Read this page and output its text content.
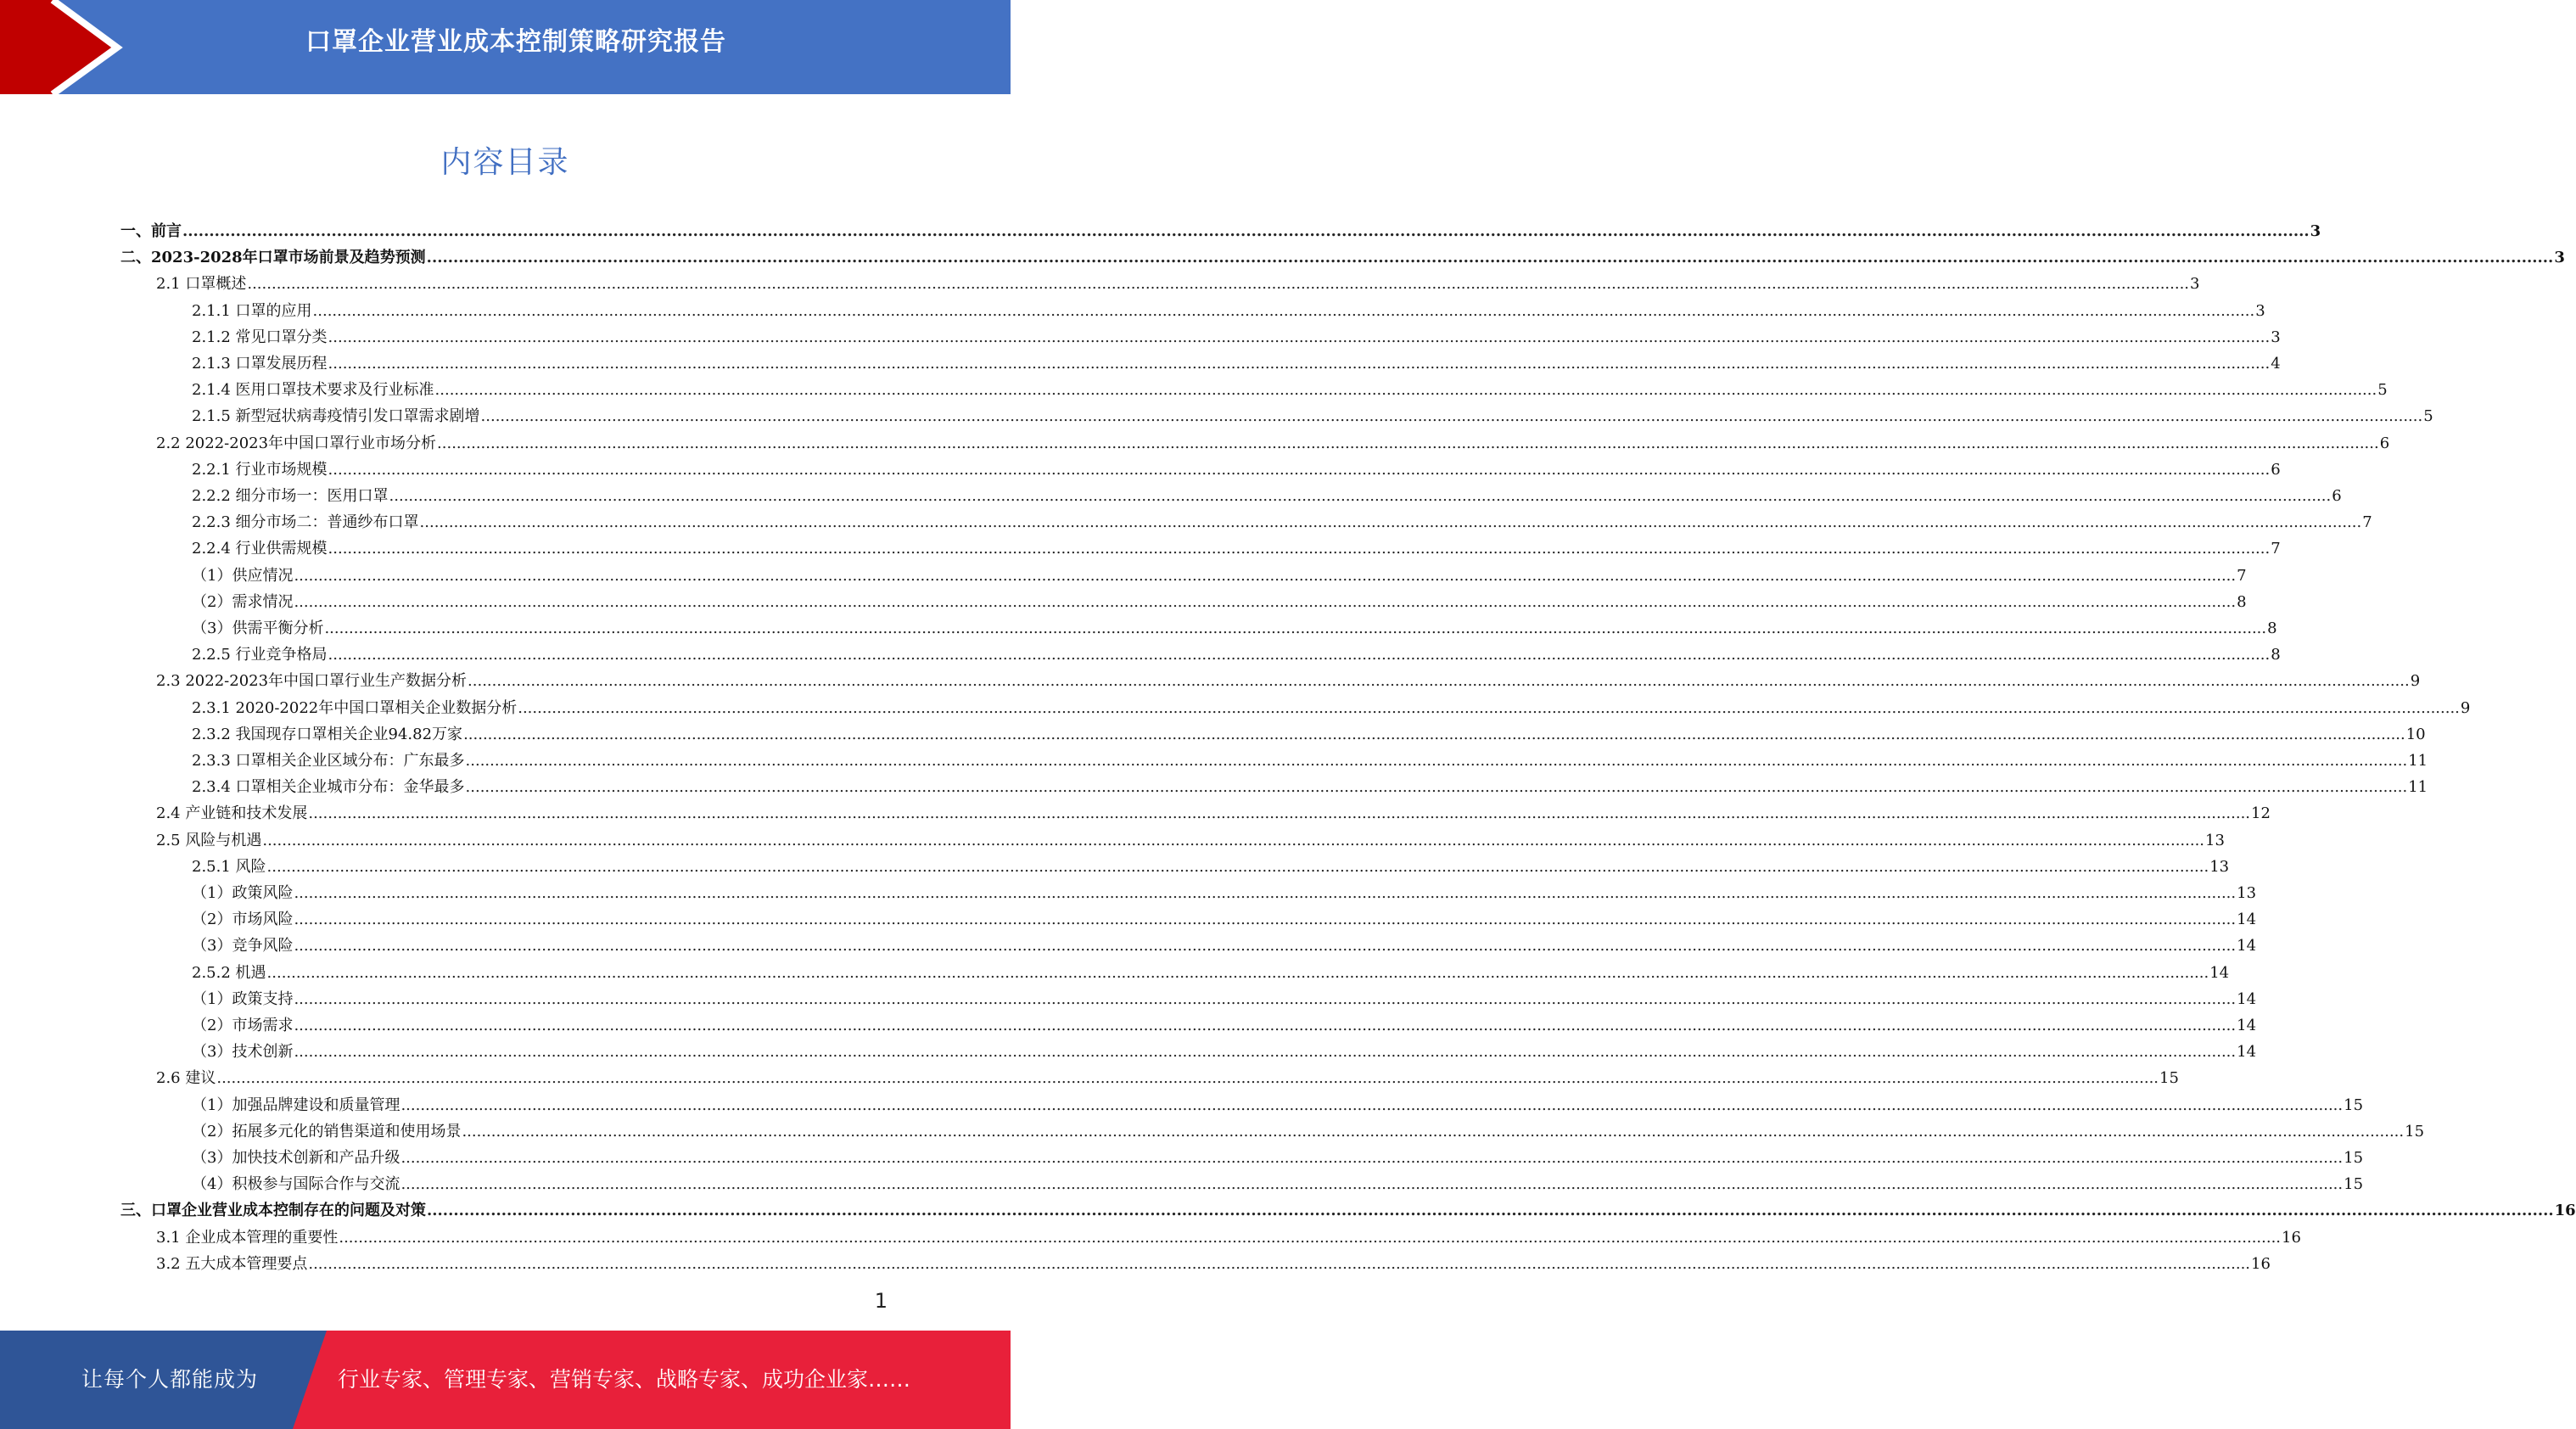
口罩企业营业成本控制策略研究报告
内容目录
一、前言 ................................................................................................................................................................................................................................................................................................................................................................................................................ 3
二、2023-2028年口罩市场前景及趋势预测 ................................................................................................................................................................................................................................................................................................................................................................................................................ 3
2.1 口罩概述 ................................................................................................................................................................................................................................................................................................................................................................................................................ 3
2.1.1 口罩的应用 ................................................................................................................................................................................................................................................................................................................................................................................................................ 3
2.1.2 常见口罩分类 ................................................................................................................................................................................................................................................................................................................................................................................................................ 3
2.1.3 口罩发展历程 ................................................................................................................................................................................................................................................................................................................................................................................................................ 4
2.1.4 医用口罩技术要求及行业标准 ................................................................................................................................................................................................................................................................................................................................................................................................................ 5
2.1.5 新型冠状病毒疫情引发口罩需求剧增 ................................................................................................................................................................................................................................................................................................................................................................................................................ 5
2.2 2022-2023年中国口罩行业市场分析 ................................................................................................................................................................................................................................................................................................................................................................................................................ 6
2.2.1 行业市场规模 ................................................................................................................................................................................................................................................................................................................................................................................................................ 6
2.2.2 细分市场一：医用口罩 ................................................................................................................................................................................................................................................................................................................................................................................................................ 6
2.2.3 细分市场二：普通纱布口罩 ................................................................................................................................................................................................................................................................................................................................................................................................................ 7
2.2.4 行业供需规模 ................................................................................................................................................................................................................................................................................................................................................................................................................ 7
（1）供应情况 ................................................................................................................................................................................................................................................................................................................................................................................................................ 7
（2）需求情况 ................................................................................................................................................................................................................................................................................................................................................................................................................ 8
（3）供需平衡分析 ................................................................................................................................................................................................................................................................................................................................................................................................................ 8
2.2.5 行业竞争格局 ................................................................................................................................................................................................................................................................................................................................................................................................................ 8
2.3 2022-2023年中国口罩行业生产数据分析 ................................................................................................................................................................................................................................................................................................................................................................................................................ 9
2.3.1 2020-2022年中国口罩相关企业数据分析 ................................................................................................................................................................................................................................................................................................................................................................................................................ 9
2.3.2 我国现存口罩相关企业94.82万家 ................................................................................................................................................................................................................................................................................................................................................................................................................ 10
2.3.3 口罩相关企业区域分布：广东最多 ................................................................................................................................................................................................................................................................................................................................................................................................................ 11
2.3.4 口罩相关企业城市分布：金华最多 ................................................................................................................................................................................................................................................................................................................................................................................................................ 11
2.4 产业链和技术发展 ................................................................................................................................................................................................................................................................................................................................................................................................................ 12
2.5 风险与机遇 ................................................................................................................................................................................................................................................................................................................................................................................................................ 13
2.5.1 风险 ................................................................................................................................................................................................................................................................................................................................................................................................................ 13
（1）政策风险 ................................................................................................................................................................................................................................................................................................................................................................................................................ 13
（2）市场风险 ................................................................................................................................................................................................................................................................................................................................................................................................................ 14
（3）竞争风险 ................................................................................................................................................................................................................................................................................................................................................................................................................ 14
2.5.2 机遇 ................................................................................................................................................................................................................................................................................................................................................................................................................ 14
（1）政策支持 ................................................................................................................................................................................................................................................................................................................................................................................................................ 14
（2）市场需求 ................................................................................................................................................................................................................................................................................................................................................................................................................ 14
（3）技术创新 ................................................................................................................................................................................................................................................................................................................................................................................................................ 14
2.6 建议 ................................................................................................................................................................................................................................................................................................................................................................................................................ 15
（1）加强品牌建设和质量管理 ................................................................................................................................................................................................................................................................................................................................................................................................................ 15
（2）拓展多元化的销售渠道和使用场景 ................................................................................................................................................................................................................................................................................................................................................................................................................ 15
（3）加快技术创新和产品升级 ................................................................................................................................................................................................................................................................................................................................................................................................................ 15
（4）积极参与国际合作与交流 ................................................................................................................................................................................................................................................................................................................................................................................................................ 15
三、口罩企业营业成本控制存在的问题及对策 ................................................................................................................................................................................................................................................................................................................................................................................................................ 16
3.1 企业成本管理的重要性 ................................................................................................................................................................................................................................................................................................................................................................................................................ 16
3.2 五大成本管理要点 ................................................................................................................................................................................................................................................................................................................................................................................................................ 16
1
让每个人都能成为	行业专家、管理专家、营销专家、战略专家、成功企业家……
